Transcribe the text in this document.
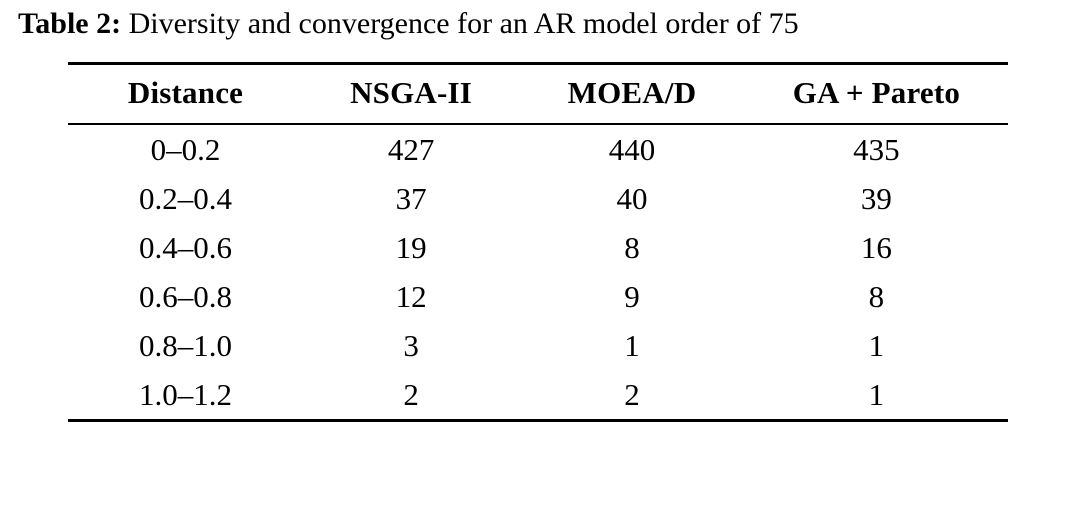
Table 2: Diversity and convergence for an AR model order of 75
Distance	NSGA-II	MOEA/D	GA + Pareto
0–0.2	427	440	435
0.2–0.4	37	40	39
0.4–0.6	19	8	16
0.6–0.8	12	9	8
0.8–1.0	3	1	1
1.0–1.2	2	2	1
